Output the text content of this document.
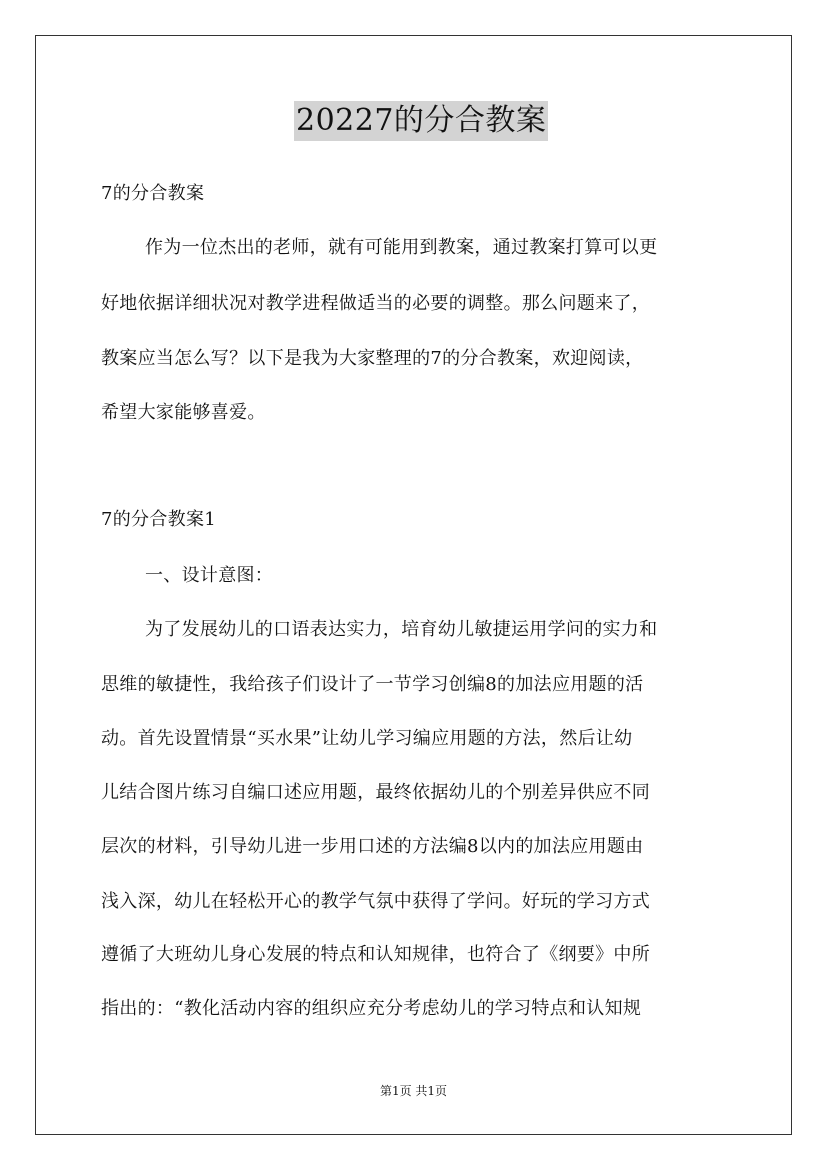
20227的分合教案
7的分合教案
作为一位杰出的老师，就有可能用到教案，通过教案打算可以更
好地依据详细状况对教学进程做适当的必要的调整。那么问题来了，
教案应当怎么写？以下是我为大家整理的7的分合教案，欢迎阅读，
希望大家能够喜爱。
7的分合教案1
一、设计意图：
为了发展幼儿的口语表达实力，培育幼儿敏捷运用学问的实力和
思维的敏捷性，我给孩子们设计了一节学习创编8的加法应用题的活
动。首先设置情景“买水果”让幼儿学习编应用题的方法，然后让幼
儿结合图片练习自编口述应用题，最终依据幼儿的个别差异供应不同
层次的材料，引导幼儿进一步用口述的方法编8以内的加法应用题由
浅入深，幼儿在轻松开心的教学气氛中获得了学问。好玩的学习方式
遵循了大班幼儿身心发展的特点和认知规律，也符合了《纲要》中所
指出的：“教化活动内容的组织应充分考虑幼儿的学习特点和认知规
第1页 共1页
